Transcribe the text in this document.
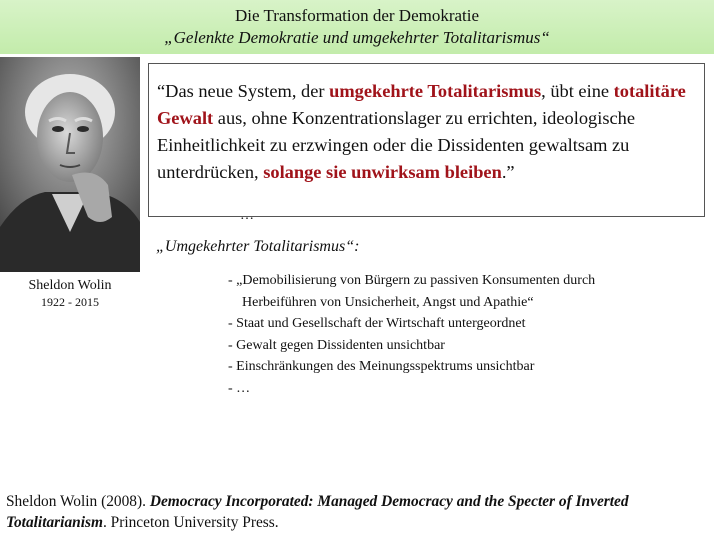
Die Transformation der Demokratie
„Gelenkte Demokratie und umgekehrter Totalitarismus“
Sheldon Wolin
1922 - 2015
“Das neue System, der umgekehrte Totalitarismus, übt eine totalitäre Gewalt aus, ohne Konzentrationslager zu errichten, ideologische Einheitlichkeit zu erzwingen oder die Dissidenten gewaltsam zu unterdrücken, solange sie unwirksam bleiben.”
…
„Umgekehrter Totalitarismus“:
- „Demobilisierung von Bürgern zu passiven Konsumenten durch
Herbeiführen von Unsicherheit, Angst und Apathie“
- Staat und Gesellschaft der Wirtschaft untergeordnet
- Gewalt gegen Dissidenten unsichtbar
- Einschränkungen des Meinungsspektrums unsichtbar
- …
Sheldon Wolin (2008). Democracy Incorporated: Managed Democracy and the Specter of Inverted Totalitarianism. Princeton University Press.
